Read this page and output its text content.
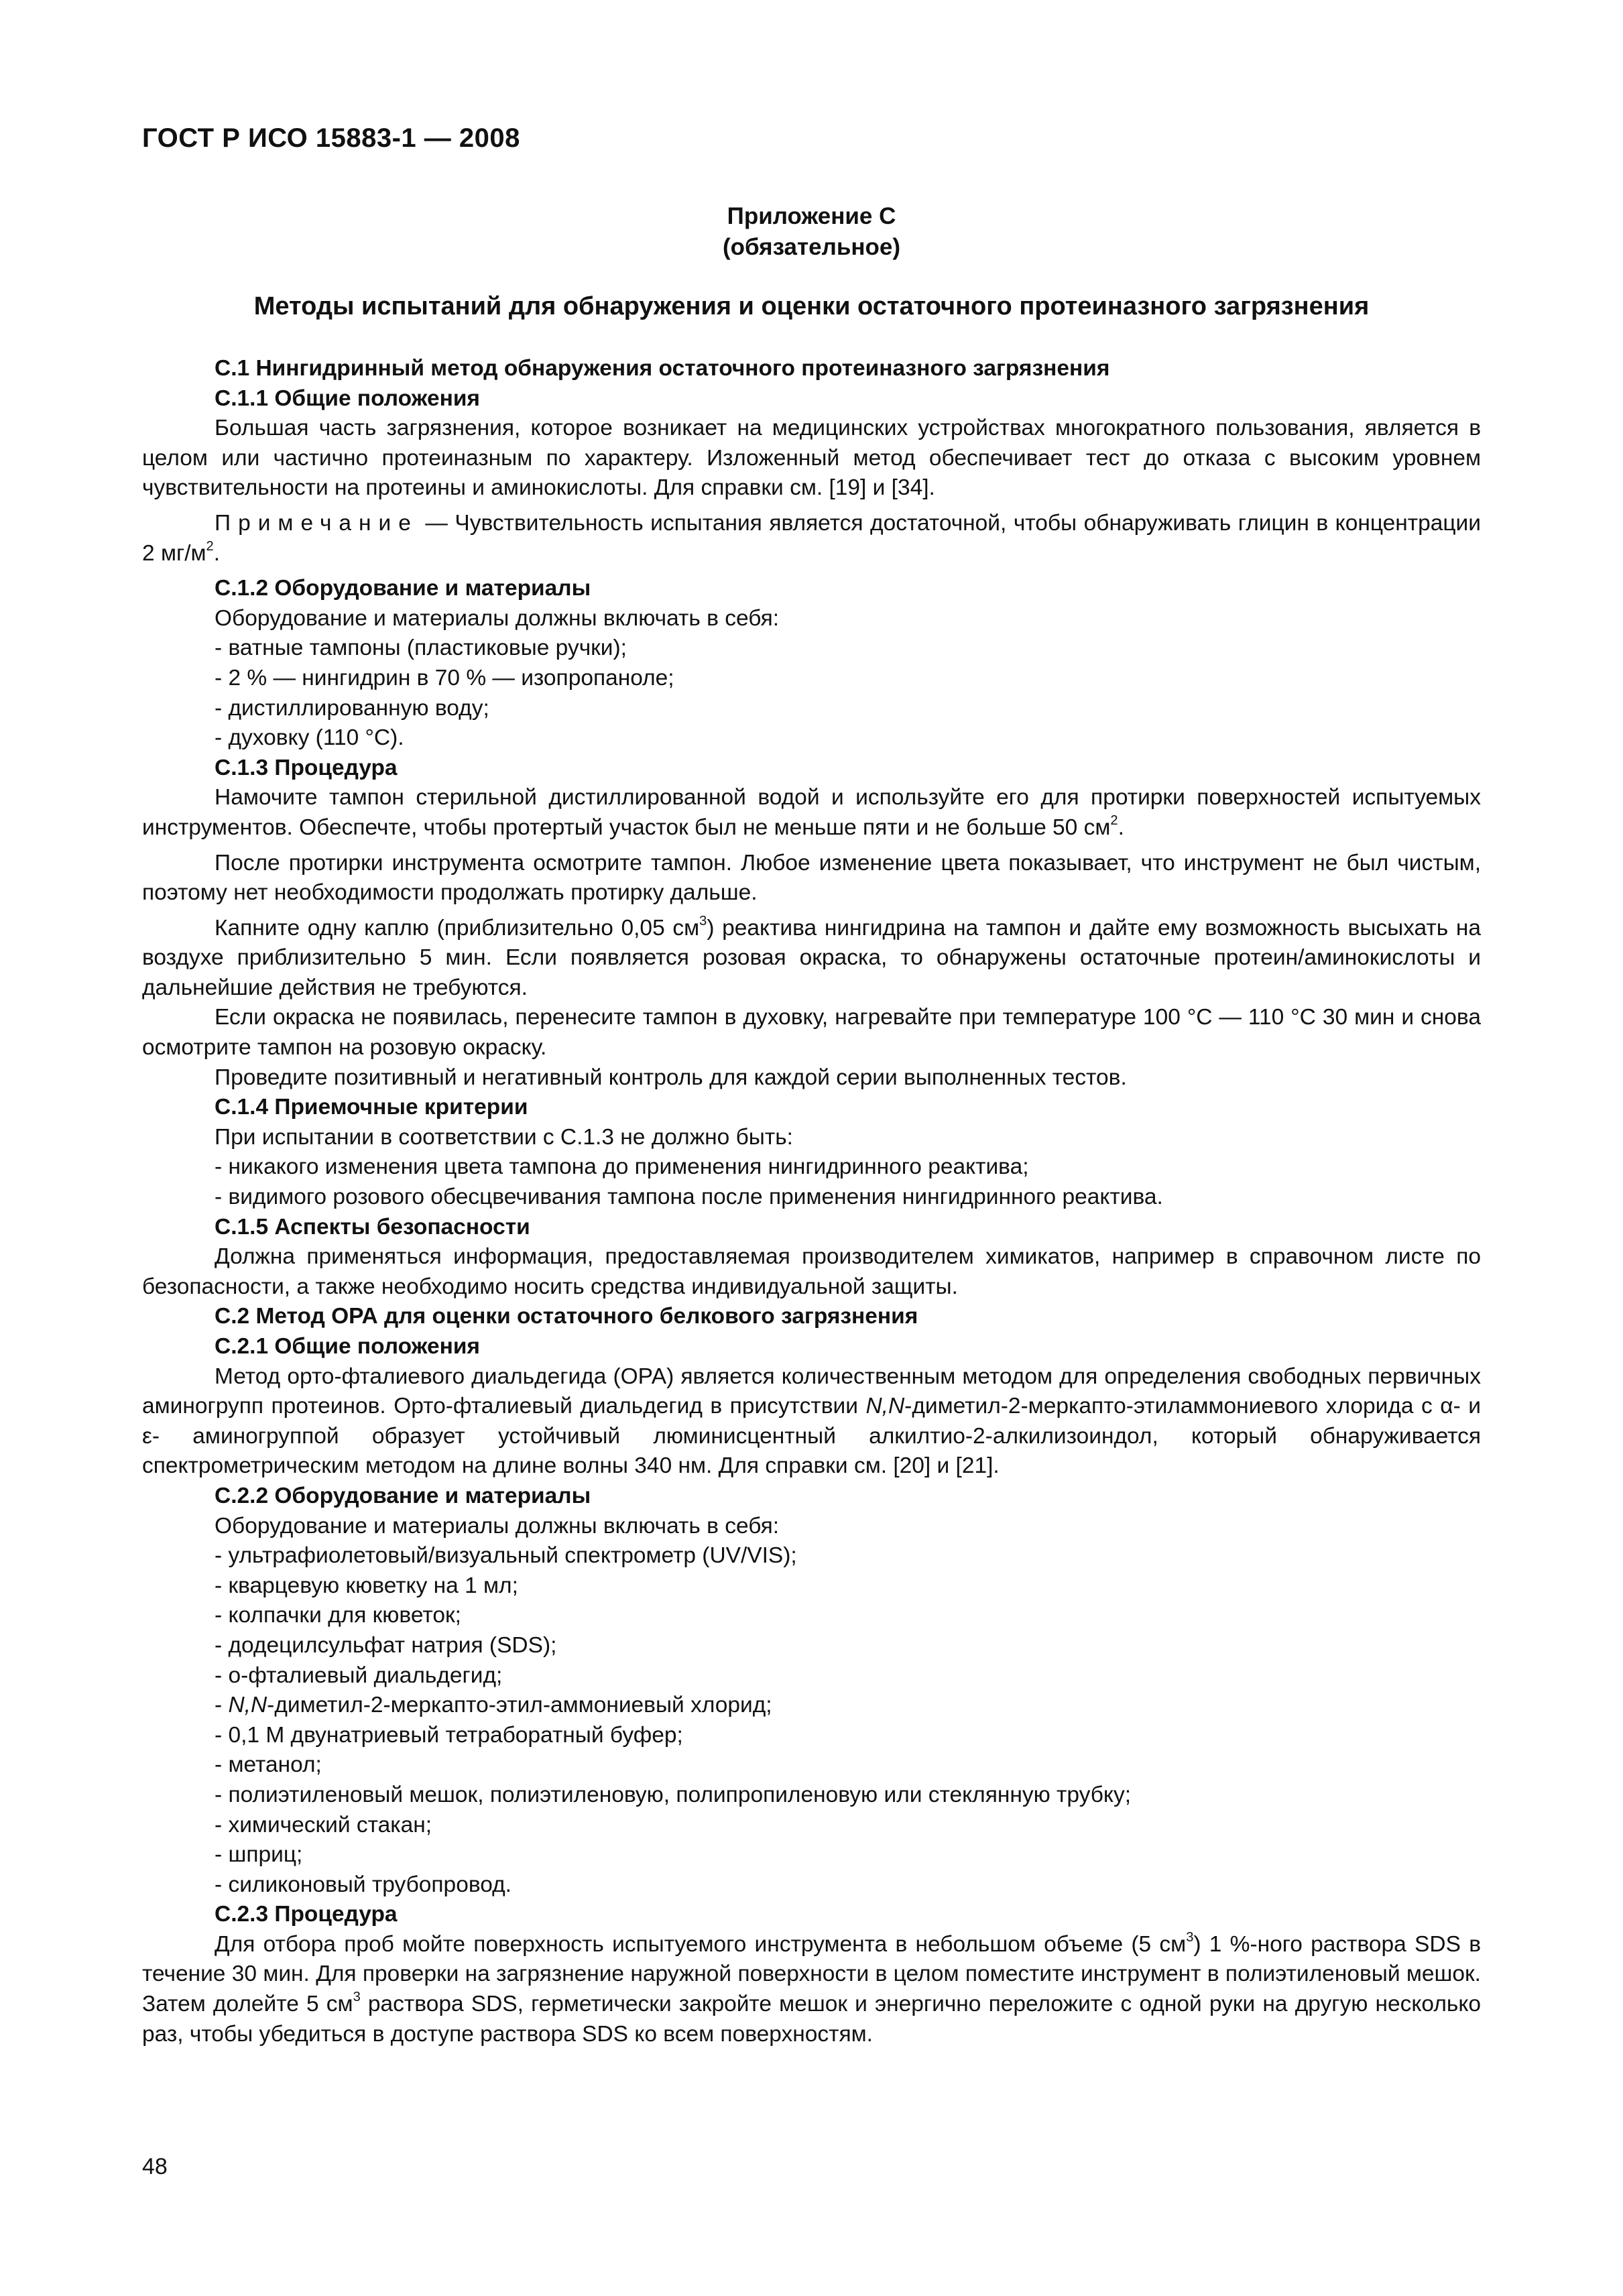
ГОСТ Р ИСО 15883-1 — 2008
Приложение С
(обязательное)
Методы испытаний для обнаружения и оценки остаточного протеиназного загрязнения

С.1 Нингидринный метод обнаружения остаточного протеиназного загрязнения

С.1.1 Общие положения

Большая часть загрязнения, которое возникает на медицинских устройствах многократного пользования, является в целом или частично протеиназным по характеру. Изложенный метод обеспечивает тест до отказа с высоким уровнем чувствительности на протеины и аминокислоты. Для справки см. [19] и [34].

Примечание — Чувствительность испытания является достаточной, чтобы обнаруживать глицин в концентрации 2 $мг/м^2$.

С.1.2 Оборудование и материалы

Оборудование и материалы должны включать в себя:

- ватные тампоны (пластиковые ручки);

- 2 % — нингидрин в 70 % — изопропаноле;

- дистиллированную воду;

- духовку (110 °С).

С.1.3 Процедура

Намочите тампон стерильной дистиллированной водой и используйте его для протирки поверхностей испытуемых инструментов. Обеспечте, чтобы протертый участок был не меньше пяти и не больше 50 $см^2$.

После протирки инструмента осмотрите тампон. Любое изменение цвета показывает, что инструмент не был чистым, поэтому нет необходимости продолжать протирку дальше.

Капните одну каплю (приблизительно 0,05 $см^3$) реактива нингидрина на тампон и дайте ему возможность высыхать на воздухе приблизительно 5 мин. Если появляется розовая окраска, то обнаружены остаточные протеин/аминокислоты и дальнейшие действия не требуются.

Если окраска не появилась, перенесите тампон в духовку, нагревайте при температуре 100 °С — 110 °С 30 мин и снова осмотрите тампон на розовую окраску.

Проведите позитивный и негативный контроль для каждой серии выполненных тестов.

С.1.4 Приемочные критерии

При испытании в соответствии с С.1.3 не должно быть:

- никакого изменения цвета тампона до применения нингидринного реактива;

- видимого розового обесцвечивания тампона после применения нингидринного реактива.

С.1.5 Аспекты безопасности

Должна применяться информация, предоставляемая производителем химикатов, например в справочном листе по безопасности, а также необходимо носить средства индивидуальной защиты.

С.2 Метод ОРА для оценки остаточного белкового загрязнения

С.2.1 Общие положения

Метод орто-фталиевого диальдегида (ОРА) является количественным методом для определения свободных первичных аминогрупп протеинов. Орто-фталиевый диальдегид в присутствии N,N-диметил-2-меркапто-этиламмониевого хлорида с α- и ε- аминогруппой образует устойчивый люминисцентный алкилтио-2-алкилизоиндол, который обнаруживается спектрометрическим методом на длине волны 340 нм. Для справки см. [20] и [21].

С.2.2 Оборудование и материалы

Оборудование и материалы должны включать в себя:

- ультрафиолетовый/визуальный спектрометр (UV/VIS);

- кварцевую кюветку на 1 мл;

- колпачки для кюветок;

- додецилсульфат натрия (SDS);

- о-фталиевый диальдегид;

- N,N-диметил-2-меркапто-этил-аммониевый хлорид;

- 0,1 М двунатриевый тетраборатный буфер;

- метанол;

- полиэтиленовый мешок, полиэтиленовую, полипропиленовую или стеклянную трубку;

- химический стакан;

- шприц;

- силиконовый трубопровод.

С.2.3 Процедура

Для отбора проб мойте поверхность испытуемого инструмента в небольшом объеме (5 $см^3$) 1 %-ного раствора SDS в течение 30 мин. Для проверки на загрязнение наружной поверхности в целом поместите инструмент в полиэтиленовый мешок. Затем долейте 5 $см^3$ раствора SDS, герметически закройте мешок и энергично переложите с одной руки на другую несколько раз, чтобы убедиться в доступе раствора SDS ко всем поверхностям.

48
